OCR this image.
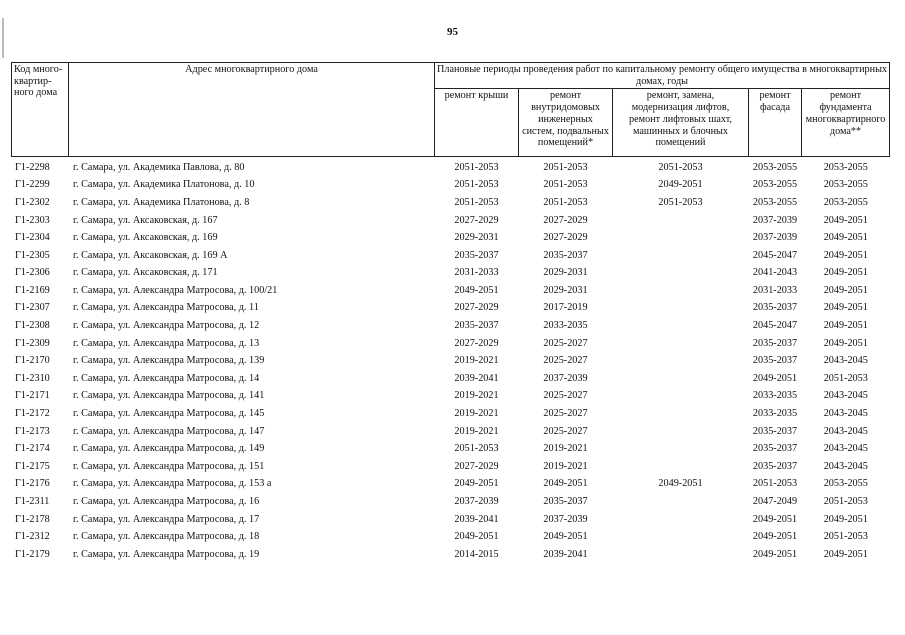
95
Код много-квартир-ного дома	Адрес многоквартирного дома	Плановые периоды проведения работ по капитальному ремонту общего имущества в многоквартирных домах, годы				
		ремонт крыши	ремонт внутридомовых инженерных систем, подвальных помещений*	ремонт, замена, модернизация лифтов, ремонт лифтовых шахт, машинных и блочных помещений	ремонт фасада	ремонт фундамента многоквартирного дома**
Г1-2298	г. Самара, ул. Академика Павлова, д. 80	2051-2053	2051-2053	2051-2053	2053-2055	2053-2055
Г1-2299	г. Самара, ул. Академика Платонова, д. 10	2051-2053	2051-2053	2049-2051	2053-2055	2053-2055
Г1-2302	г. Самара, ул. Академика Платонова, д. 8	2051-2053	2051-2053	2051-2053	2053-2055	2053-2055
Г1-2303	г. Самара, ул. Аксаковская, д. 167	2027-2029	2027-2029		2037-2039	2049-2051
Г1-2304	г. Самара, ул. Аксаковская, д. 169	2029-2031	2027-2029		2037-2039	2049-2051
Г1-2305	г. Самара, ул. Аксаковская, д. 169 А	2035-2037	2035-2037		2045-2047	2049-2051
Г1-2306	г. Самара, ул. Аксаковская, д. 171	2031-2033	2029-2031		2041-2043	2049-2051
Г1-2169	г. Самара, ул. Александра Матросова, д. 100/21	2049-2051	2029-2031		2031-2033	2049-2051
Г1-2307	г. Самара, ул. Александра Матросова, д. 11	2027-2029	2017-2019		2035-2037	2049-2051
Г1-2308	г. Самара, ул. Александра Матросова, д. 12	2035-2037	2033-2035		2045-2047	2049-2051
Г1-2309	г. Самара, ул. Александра Матросова, д. 13	2027-2029	2025-2027		2035-2037	2049-2051
Г1-2170	г. Самара, ул. Александра Матросова, д. 139	2019-2021	2025-2027		2035-2037	2043-2045
Г1-2310	г. Самара, ул. Александра Матросова, д. 14	2039-2041	2037-2039		2049-2051	2051-2053
Г1-2171	г. Самара, ул. Александра Матросова, д. 141	2019-2021	2025-2027		2033-2035	2043-2045
Г1-2172	г. Самара, ул. Александра Матросова, д. 145	2019-2021	2025-2027		2033-2035	2043-2045
Г1-2173	г. Самара, ул. Александра Матросова, д. 147	2019-2021	2025-2027		2035-2037	2043-2045
Г1-2174	г. Самара, ул. Александра Матросова, д. 149	2051-2053	2019-2021		2035-2037	2043-2045
Г1-2175	г. Самара, ул. Александра Матросова, д. 151	2027-2029	2019-2021		2035-2037	2043-2045
Г1-2176	г. Самара, ул. Александра Матросова, д. 153 а	2049-2051	2049-2051	2049-2051	2051-2053	2053-2055
Г1-2311	г. Самара, ул. Александра Матросова, д. 16	2037-2039	2035-2037		2047-2049	2051-2053
Г1-2178	г. Самара, ул. Александра Матросова, д. 17	2039-2041	2037-2039		2049-2051	2049-2051
Г1-2312	г. Самара, ул. Александра Матросова, д. 18	2049-2051	2049-2051		2049-2051	2051-2053
Г1-2179	г. Самара, ул. Александра Матросова, д. 19	2014-2015	2039-2041		2049-2051	2049-2051
